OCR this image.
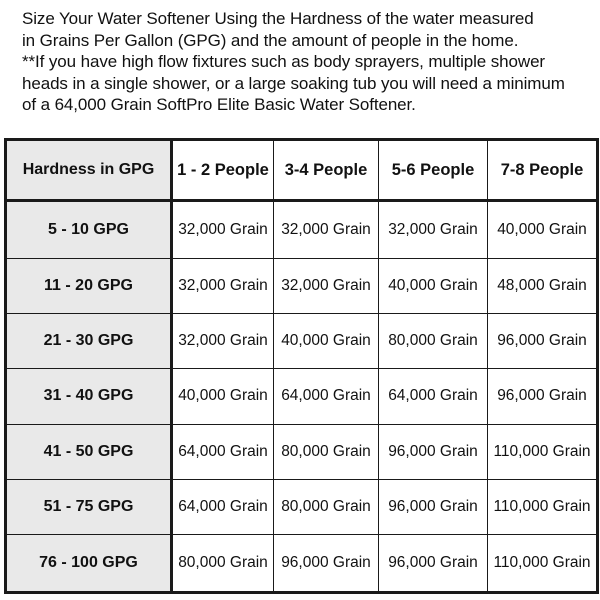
Size Your Water Softener Using the Hardness of the water measured

in Grains Per Gallon (GPG) and the amount of people in the home.

**If you have high flow fixtures such as body sprayers, multiple shower

heads in a single shower, or a large soaking tub you will need a minimum

of a 64,000 Grain SoftPro Elite Basic Water Softener.

Hardness in GPG	1 - 2 People	3-4 People	5-6 People	7-8 People
5 - 10 GPG	32,000 Grain	32,000 Grain	32,000 Grain	40,000 Grain
11 - 20 GPG	32,000 Grain	32,000 Grain	40,000 Grain	48,000 Grain
21 - 30 GPG	32,000 Grain	40,000 Grain	80,000 Grain	96,000 Grain
31 - 40 GPG	40,000 Grain	64,000 Grain	64,000 Grain	96,000 Grain
41 - 50 GPG	64,000 Grain	80,000 Grain	96,000 Grain	110,000 Grain
51 - 75 GPG	64,000 Grain	80,000 Grain	96,000 Grain	110,000 Grain
76 - 100 GPG	80,000 Grain	96,000 Grain	96,000 Grain	110,000 Grain
